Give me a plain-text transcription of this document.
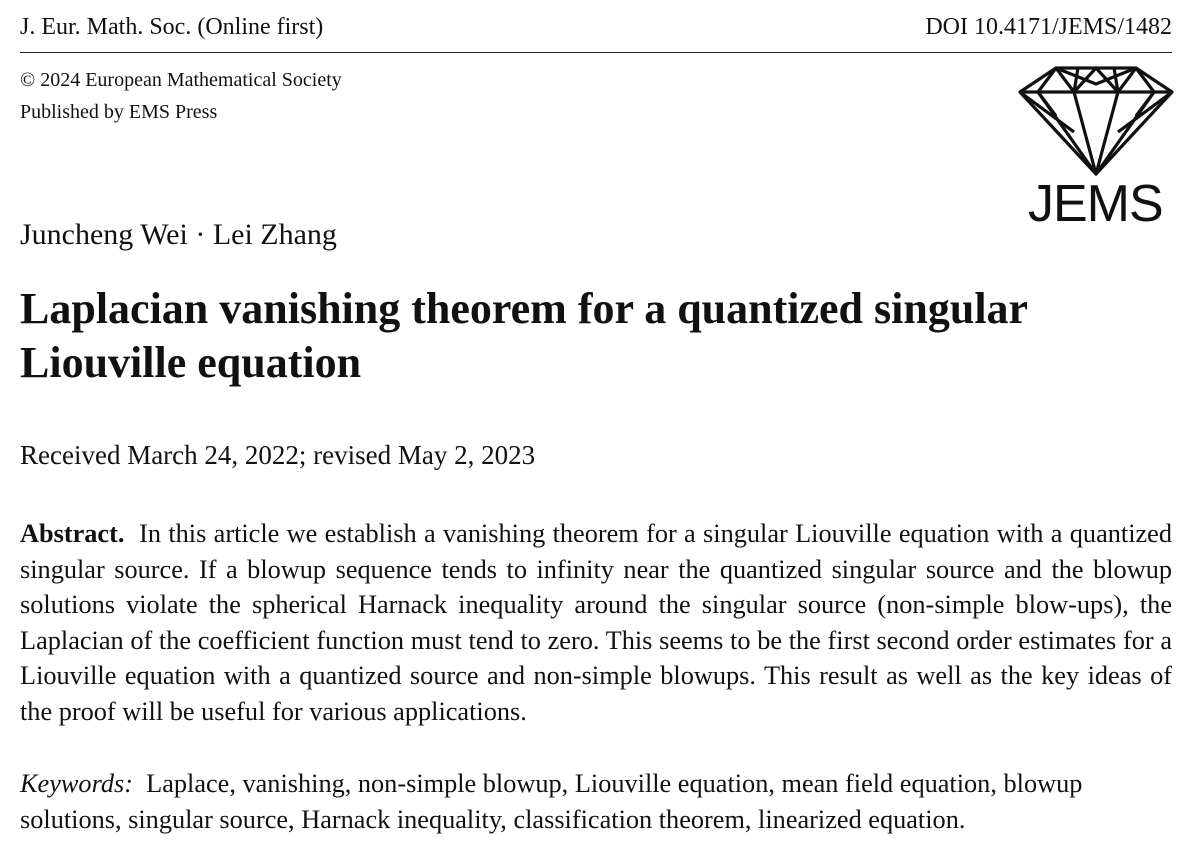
J. Eur. Math. Soc. (Online first)	DOI 10.4171/JEMS/1482
© 2024 European Mathematical Society
Published by EMS Press
JEMS
Juncheng Wei · Lei Zhang
Laplacian vanishing theorem for a quantized singular Liouville equation
Received March 24, 2022; revised May 2, 2023

Abstract. In this article we establish a vanishing theorem for a singular Liouville equation with a quantized singular source. If a blowup sequence tends to infinity near the quantized singular source and the blowup solutions violate the spherical Harnack inequality around the singular source (non-simple blow-ups), the Laplacian of the coefficient function must tend to zero. This seems to be the first second order estimates for a Liouville equation with a quantized source and non-simple blowups. This result as well as the key ideas of the proof will be useful for various applications.

Keywords: Laplace, vanishing, non-simple blowup, Liouville equation, mean field equation, blowup solutions, singular source, Harnack inequality, classification theorem, linearized equation.
